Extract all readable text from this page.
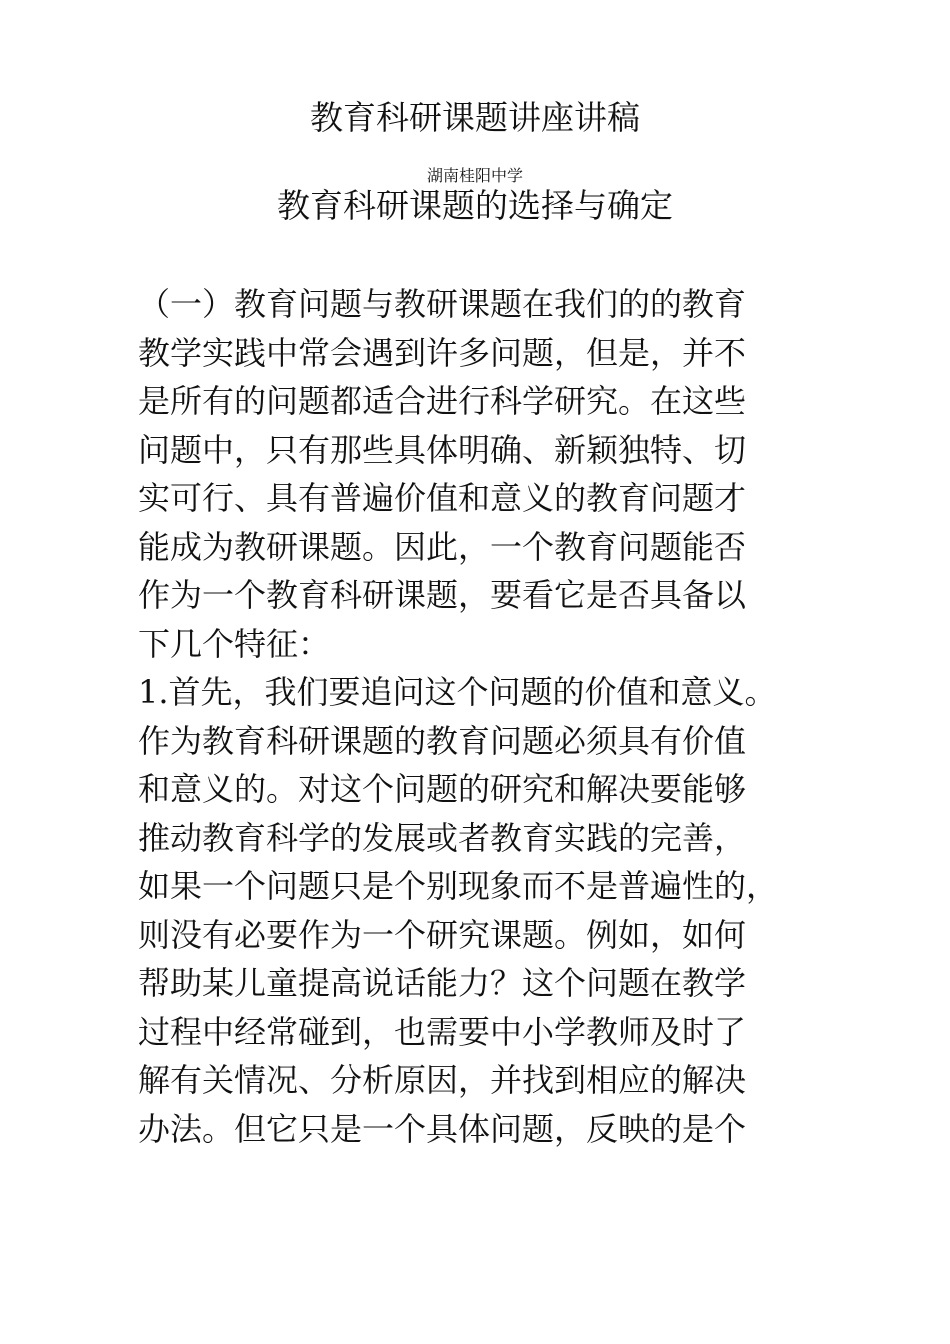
教育科研课题讲座讲稿

湖南桂阳中学

教育科研课题的选择与确定
（一）教育问题与教研课题在我们的的教育
教学实践中常会遇到许多问题，但是，并不
是所有的问题都适合进行科学研究。在这些
问题中，只有那些具体明确、新颖独特、切
实可行、具有普遍价值和意义的教育问题才
能成为教研课题。因此，一个教育问题能否
作为一个教育科研课题，要看它是否具备以
下几个特征：
1.首先，我们要追问这个问题的价值和意义。
作为教育科研课题的教育问题必须具有价值
和意义的。对这个问题的研究和解决要能够
推动教育科学的发展或者教育实践的完善，
如果一个问题只是个别现象而不是普遍性的，
则没有必要作为一个研究课题。例如，如何
帮助某儿童提高说话能力？这个问题在教学
过程中经常碰到，也需要中小学教师及时了
解有关情况、分析原因，并找到相应的解决
办法。但它只是一个具体问题，反映的是个
